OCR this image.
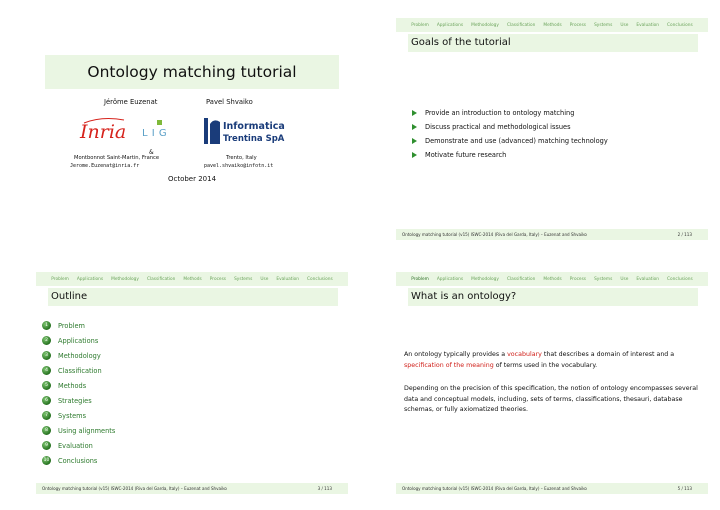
Ontology matching tutorial
Jérôme Euzenat	Pavel Shvaiko
Inria L I G
&
Informatica
Trentina SpA
Montbonnot Saint-Martin, France
Jerome.Euzenat@inria.fr
Trento, Italy
pavel.shvaiko@infotn.it
October 2014
Problem Applications Methodology Classification Methods Process Systems Use Evaluation Conclusions
Goals of the tutorial
Provide an introduction to ontology matching
Discuss practical and methodological issues
Demonstrate and use (advanced) matching technology
Motivate future research
Ontology matching tutorial (v15) ISWC-2014 (Riva del Garda, Italy) – Euzenat and Shvaiko	2 / 113
Problem Applications Methodology Classification Methods Process Systems Use Evaluation Conclusions
Outline
1	Problem
2	Applications
3	Methodology
4	Classification
5	Methods
6	Strategies
7	Systems
8	Using alignments
9	Evaluation
10 Conclusions
Ontology matching tutorial (v15) ISWC-2014 (Riva del Garda, Italy) – Euzenat and Shvaiko	3 / 113
Problem Applications Methodology Classification Methods Process Systems Use Evaluation Conclusions
What is an ontology?

An ontology typically provides a vocabulary that describes a domain of interest and a specification of the meaning of terms used in the vocabulary.

Depending on the precision of this specification, the notion of ontology encompasses several data and conceptual models, including, sets of terms, classifications, thesauri, database schemas, or fully axiomatized theories.

Ontology matching tutorial (v15) ISWC-2014 (Riva del Garda, Italy) – Euzenat and Shvaiko	5 / 113
